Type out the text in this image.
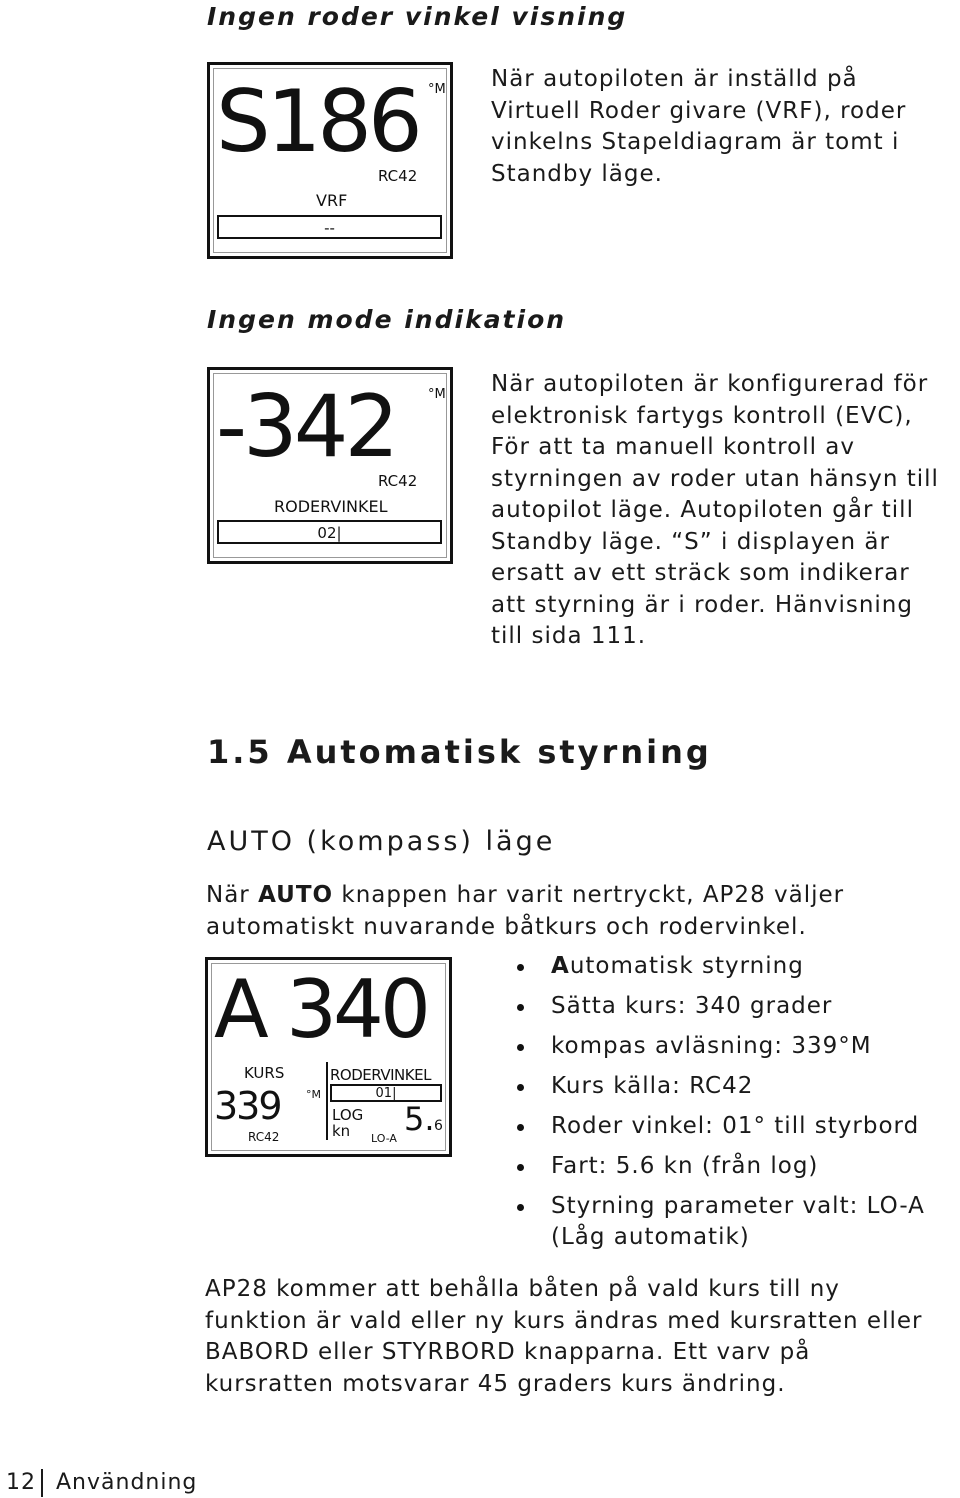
Ingen roder vinkel visning
S186 °M
RC42
VRF
--
När autopiloten är inställd på
Virtuell Roder givare (VRF), roder
vinkelns Stapeldiagram är tomt i
Standby läge.
Ingen mode indikation
-342	°M
RC42
RODERVINKEL
02|
När autopiloten är konfigurerad för
elektronisk fartygs kontroll (EVC),
För att ta manuell kontroll av
styrningen av roder utan hänsyn till
autopilot läge. Autopiloten går till
Standby läge. “S” i displayen är
ersatt av ett sträck som indikerar
att styrning är i roder. Hänvisning
till sida 111.
1.5 Automatisk styrning
AUTO (kompass) läge
När AUTO knappen har varit nertryckt, AP28 väljer
automatiskt nuvarande båtkurs och rodervinkel.
A 340
KURS
339 °M
RC42
RODERVINKEL
01|
LOG
kn 5. 6
LO-A
Automatisk styrning
Sätta kurs: 340 grader
kompas avläsning: 339°M
Kurs källa: RC42
Roder vinkel: 01° till styrbord
Fart: 5.6 kn (från log)
Styrning parameter valt: LO-A (Låg automatik)
AP28 kommer att behålla båten på vald kurs till ny
funktion är vald eller ny kurs ändras med kursratten eller
BABORD eller STYRBORD knapparna. Ett varv på
kursratten motsvarar 45 graders kurs ändring.
12 Användning
